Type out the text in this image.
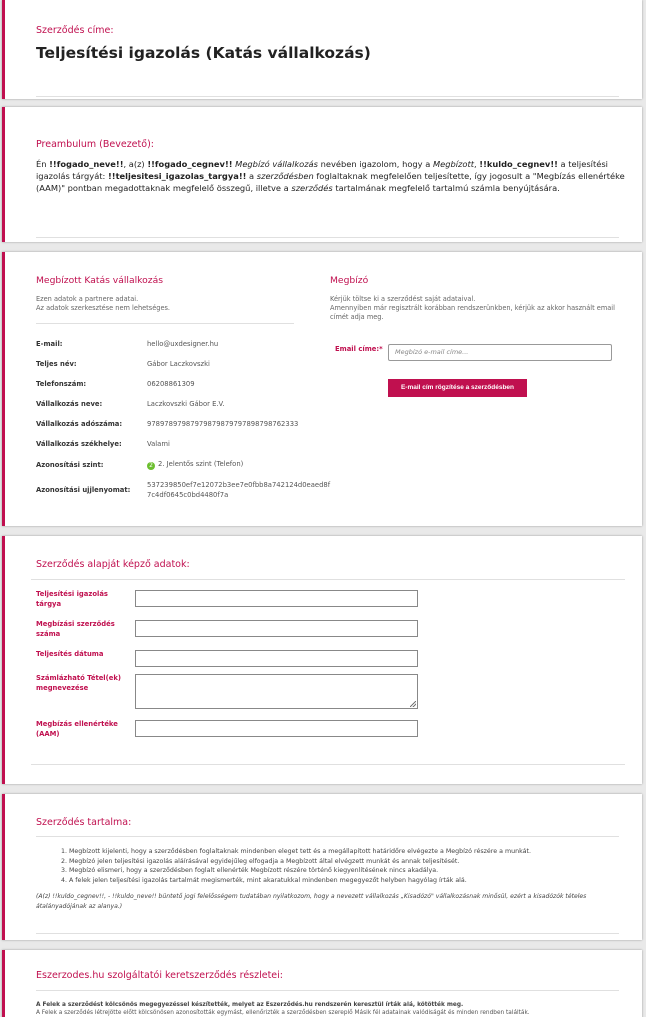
Szerződés címe:
Teljesítési igazolás (Katás vállalkozás)
Preambulum (Bevezető):
Én !!fogado_neve!!, a(z) !!fogado_cegnev!! Megbízó vállalkozás nevében igazolom, hogy a Megbízott, !!kuldo_cegnev!! a teljesítési igazolás tárgyát: !!teljesitesi_igazolas_targya!! a szerződésben foglaltaknak megfelelően teljesítette, így jogosult a "Megbízás ellenértéke (AAM)" pontban megadottaknak megfelelő összegű, illetve a szerződés tartalmának megfelelő tartalmú számla benyújtására.
Megbízott Katás vállalkozás
Ezen adatok a partnere adatai.
Az adatok szerkesztése nem lehetséges.
E-mail:	hello@uxdesigner.hu
Teljes név:	Gábor Laczkovszki
Telefonszám:	06208861309
Vállalkozás neve:	Laczkovszki Gábor E.V.
Vállalkozás adószáma:	97897897987979879879797898798762333
Vállalkozás székhelye:	Valami
Azonosítási szint:	2 2. Jelentős szint (Telefon)
Azonosítási ujjlenyomat:
537239850ef7e12072b3ee7e0fbb8a742124d0eaed8f
7c4df0645c0bd4480f7a
Megbízó
Kérjük töltse ki a szerződést saját adataival.
Amennyiben már regisztrált korábban rendszerünkben, kérjük az akkor használt email
címét adja meg.
Email címe:*	Megbízó e-mail címe...
E-mail cím rögzítése a szerződésben
Szerződés alapját képző adatok:
Teljesítési igazolás
tárgya
Megbízási szerződés
száma
Teljesítés dátuma
Számlázható Tétel(ek)
megnevezése
Megbízás ellenértéke
(AAM)
Szerződés tartalma:
1. Megbízott kijelenti, hogy a szerződésben foglaltaknak mindenben eleget tett és a megállapított határidőre elvégezte a Megbízó részére a munkát.
2. Megbízó jelen teljesítési igazolás aláírásával egyidejűleg elfogadja a Megbízott által elvégzett munkát és annak teljesítését.
3. Megbízó elismeri, hogy a szerződésben foglalt ellenérték Megbízott részére történő kiegyenlítésének nincs akadálya.
4. A felek jelen teljesítési igazolás tartalmát megismerték, mint akaratukkal mindenben megegyezőt helyben hagyólag írták alá.
(A(z) !!kuldo_cegnev!!, - !!kuldo_neve!! büntető jogi felelősségem tudatában nyilatkozom, hogy a nevezett vállalkozás „Kisadózó" vállalkozásnak minősül, ezért a kisadózók tételes átalányadójának az alanya.)
Eszerzodes.hu szolgáltatói keretszerződés részletei:
A Felek a szerződést kölcsönös megegyezéssel készítették, melyet az Eszerződés.hu rendszerén keresztül írták alá, kötötték meg.
A Felek a szerződés létrejötte előtt kölcsönösen azonosították egymást, ellenőrizték a szerződésben szereplő Másik fél adatainak valódiságát és minden rendben találták.
